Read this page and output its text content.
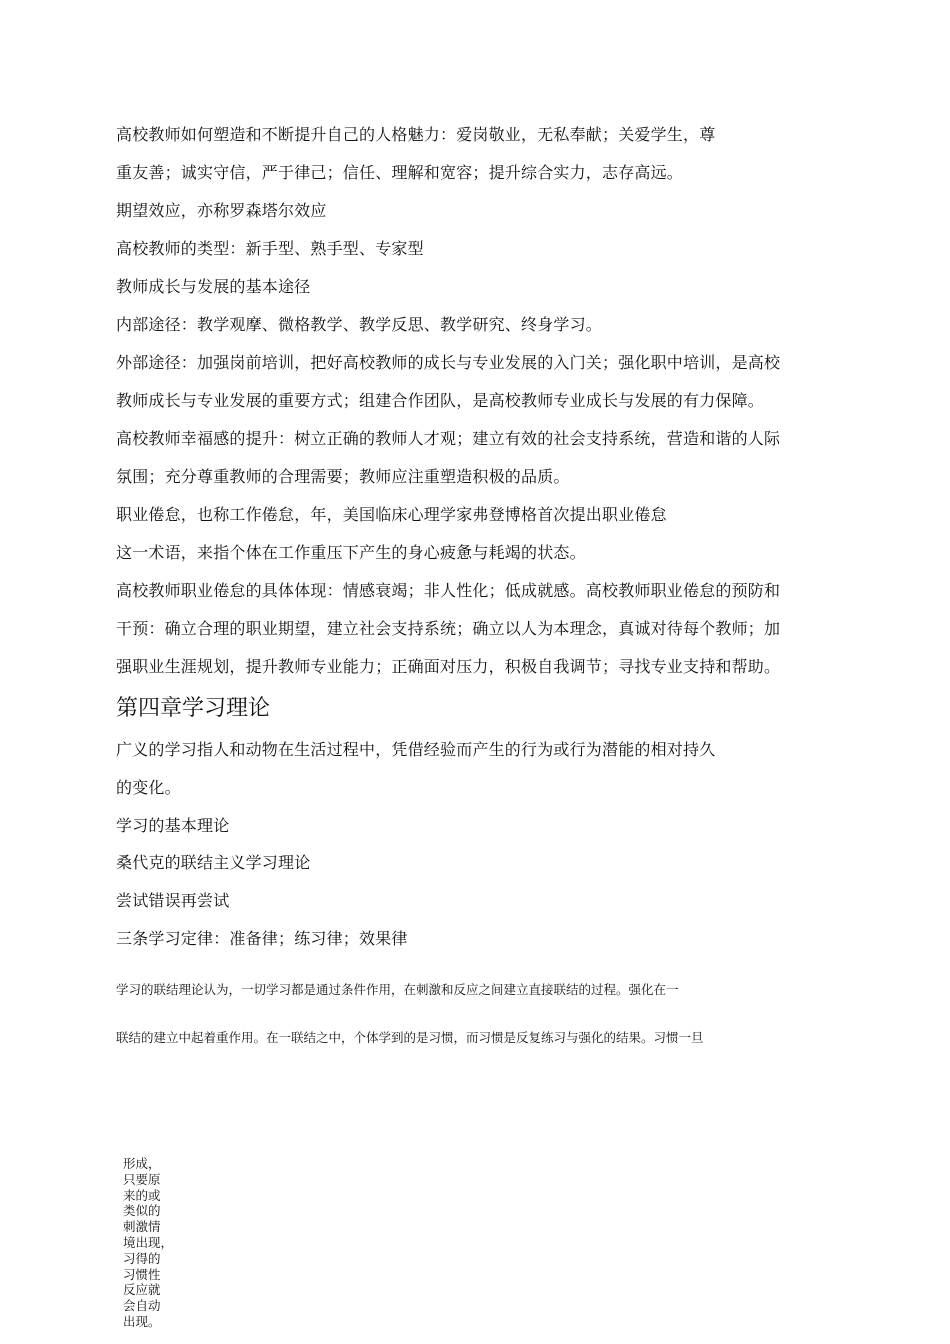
高校教师如何塑造和不断提升自己的人格魅力：爱岗敬业，无私奉献；关爱学生，尊
重友善；诚实守信，严于律己；信任、理解和宽容；提升综合实力，志存高远。
期望效应，亦称罗森塔尔效应
高校教师的类型：新手型、熟手型、专家型
教师成长与发展的基本途径
内部途径：教学观摩、微格教学、教学反思、教学研究、终身学习。
外部途径：加强岗前培训，把好高校教师的成长与专业发展的入门关；强化职中培训，是高校
教师成长与专业发展的重要方式；组建合作团队，是高校教师专业成长与发展的有力保障。
高校教师幸福感的提升：树立正确的教师人才观；建立有效的社会支持系统，营造和谐的人际
氛围；充分尊重教师的合理需要；教师应注重塑造积极的品质。
职业倦怠，也称工作倦怠，年，美国临床心理学家弗登博格首次提出职业倦怠
这一术语，来指个体在工作重压下产生的身心疲惫与耗竭的状态。
高校教师职业倦怠的具体体现：情感衰竭；非人性化；低成就感。高校教师职业倦怠的预防和
干预：确立合理的职业期望，建立社会支持系统；确立以人为本理念，真诚对待每个教师；加
强职业生涯规划，提升教师专业能力；正确面对压力，积极自我调节；寻找专业支持和帮助。
第四章学习理论
广义的学习指人和动物在生活过程中，凭借经验而产生的行为或行为潜能的相对持久
的变化。
学习的基本理论
桑代克的联结主义学习理论
尝试错误再尝试
三条学习定律：准备律；练习律；效果律
学习的联结理论认为，一切学习都是通过条件作用，在刺激和反应之间建立直接联结的过程。强化在一
联结的建立中起着重作用。在一联结之中，个体学到的是习惯，而习惯是反复练习与强化的结果。习惯一旦
形成，
只要原
来的或
类似的
刺激情
境出现，
习得的
习惯性
反应就
会自动
出现。
